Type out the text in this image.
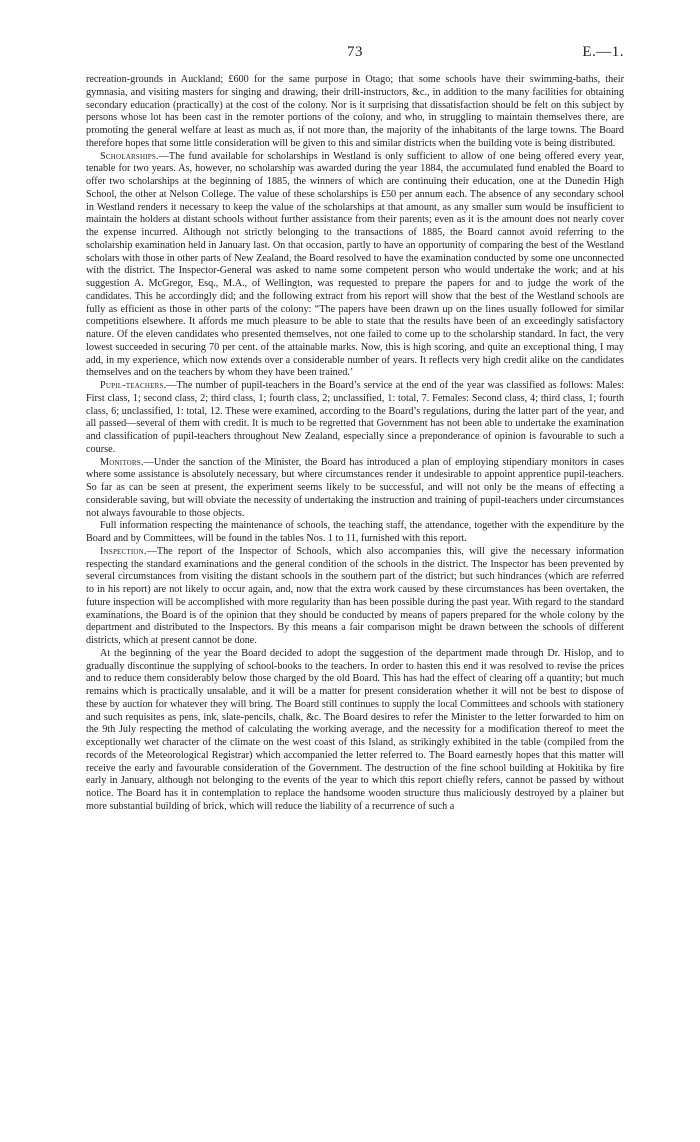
73	E.—1.

recreation-grounds in Auckland; £600 for the same purpose in Otago; that some schools have their swimming-baths, their gymnasia, and visiting masters for singing and drawing, their drill-instructors, &c., in addition to the many facilities for obtaining secondary education (practically) at the cost of the colony. Nor is it surprising that dissatisfaction should be felt on this subject by persons whose lot has been cast in the remoter portions of the colony, and who, in struggling to maintain themselves there, are promoting the general welfare at least as much as, if not more than, the majority of the inhabitants of the large towns. The Board therefore hopes that some little consideration will be given to this and similar districts when the building vote is being distributed.

Scholarships.—The fund available for scholarships in Westland is only sufficient to allow of one being offered every year, tenable for two years. As, however, no scholarship was awarded during the year 1884, the accumulated fund enabled the Board to offer two scholarships at the beginning of 1885, the winners of which are continuing their education, one at the Dunedin High School, the other at Nelson College. The value of these scholarships is £50 per annum each. The absence of any secondary school in Westland renders it necessary to keep the value of the scholarships at that amount, as any smaller sum would be insufficient to maintain the holders at distant schools without further assistance from their parents; even as it is the amount does not nearly cover the expense incurred. Although not strictly belonging to the transactions of 1885, the Board cannot avoid referring to the scholarship examination held in January last. On that occasion, partly to have an opportunity of comparing the best of the Westland scholars with those in other parts of New Zealand, the Board resolved to have the examination conducted by some one unconnected with the district. The Inspector-General was asked to name some competent person who would undertake the work; and at his suggestion A. McGregor, Esq., M.A., of Wellington, was requested to prepare the papers for and to judge the work of the candidates. This he accordingly did; and the following extract from his report will show that the best of the Westland schools are fully as efficient as those in other parts of the colony: “The papers have been drawn up on the lines usually followed for similar competitions elsewhere. It affords me much pleasure to be able to state that the results have been of an exceedingly satisfactory nature. Of the eleven candidates who presented themselves, not one failed to come up to the scholarship standard. In fact, the very lowest succeeded in securing 70 per cent. of the attainable marks. Now, this is high scoring, and quite an exceptional thing, I may add, in my experience, which now extends over a considerable number of years. It reflects very high credit alike on the candidates themselves and on the teachers by whom they have been trained.’

Pupil-teachers.—The number of pupil-teachers in the Board’s service at the end of the year was classified as follows: Males: First class, 1; second class, 2; third class, 1; fourth class, 2; unclassified, 1: total, 7. Females: Second class, 4; third class, 1; fourth class, 6; unclassified, 1: total, 12. These were examined, according to the Board’s regulations, during the latter part of the year, and all passed—several of them with credit. It is much to be regretted that Government has not been able to undertake the examination and classification of pupil-teachers throughout New Zealand, especially since a preponderance of opinion is favourable to such a course.

Monitors.—Under the sanction of the Minister, the Board has introduced a plan of employing stipendiary monitors in cases where some assistance is absolutely necessary, but where circumstances render it undesirable to appoint apprentice pupil-teachers. So far as can be seen at present, the experiment seems likely to be successful, and will not only be the means of effecting a considerable saving, but will obviate the necessity of undertaking the instruction and training of pupil-teachers under circumstances not always favourable to those objects.

Full information respecting the maintenance of schools, the teaching staff, the attendance, together with the expenditure by the Board and by Committees, will be found in the tables Nos. 1 to 11, furnished with this report.

Inspection.—The report of the Inspector of Schools, which also accompanies this, will give the necessary information respecting the standard examinations and the general condition of the schools in the district. The Inspector has been prevented by several circumstances from visiting the distant schools in the southern part of the district; but such hindrances (which are referred to in his report) are not likely to occur again, and, now that the extra work caused by these circumstances has been overtaken, the future inspection will be accomplished with more regularity than has been possible during the past year. With regard to the standard examinations, the Board is of the opinion that they should be conducted by means of papers prepared for the whole colony by the department and distributed to the Inspectors. By this means a fair comparison might be drawn between the schools of different districts, which at present cannot be done.

At the beginning of the year the Board decided to adopt the suggestion of the department made through Dr. Hislop, and to gradually discontinue the supplying of school-books to the teachers. In order to hasten this end it was resolved to revise the prices and to reduce them considerably below those charged by the old Board. This has had the effect of clearing off a quantity; but much remains which is practically unsalable, and it will be a matter for present consideration whether it will not be best to dispose of these by auction for whatever they will bring. The Board still continues to supply the local Committees and schools with stationery and such requisites as pens, ink, slate-pencils, chalk, &c. The Board desires to refer the Minister to the letter forwarded to him on the 9th July respecting the method of calculating the working average, and the necessity for a modification thereof to meet the exceptionally wet character of the climate on the west coast of this Island, as strikingly exhibited in the table (compiled from the records of the Meteorological Registrar) which accompanied the letter referred to. The Board earnestly hopes that this matter will receive the early and favourable consideration of the Government. The destruction of the fine school building at Hokitika by fire early in January, although not belonging to the events of the year to which this report chiefly refers, cannot be passed by without notice. The Board has it in contemplation to replace the handsome wooden structure thus maliciously destroyed by a plainer but more substantial building of brick, which will reduce the liability of a recurrence of such a
